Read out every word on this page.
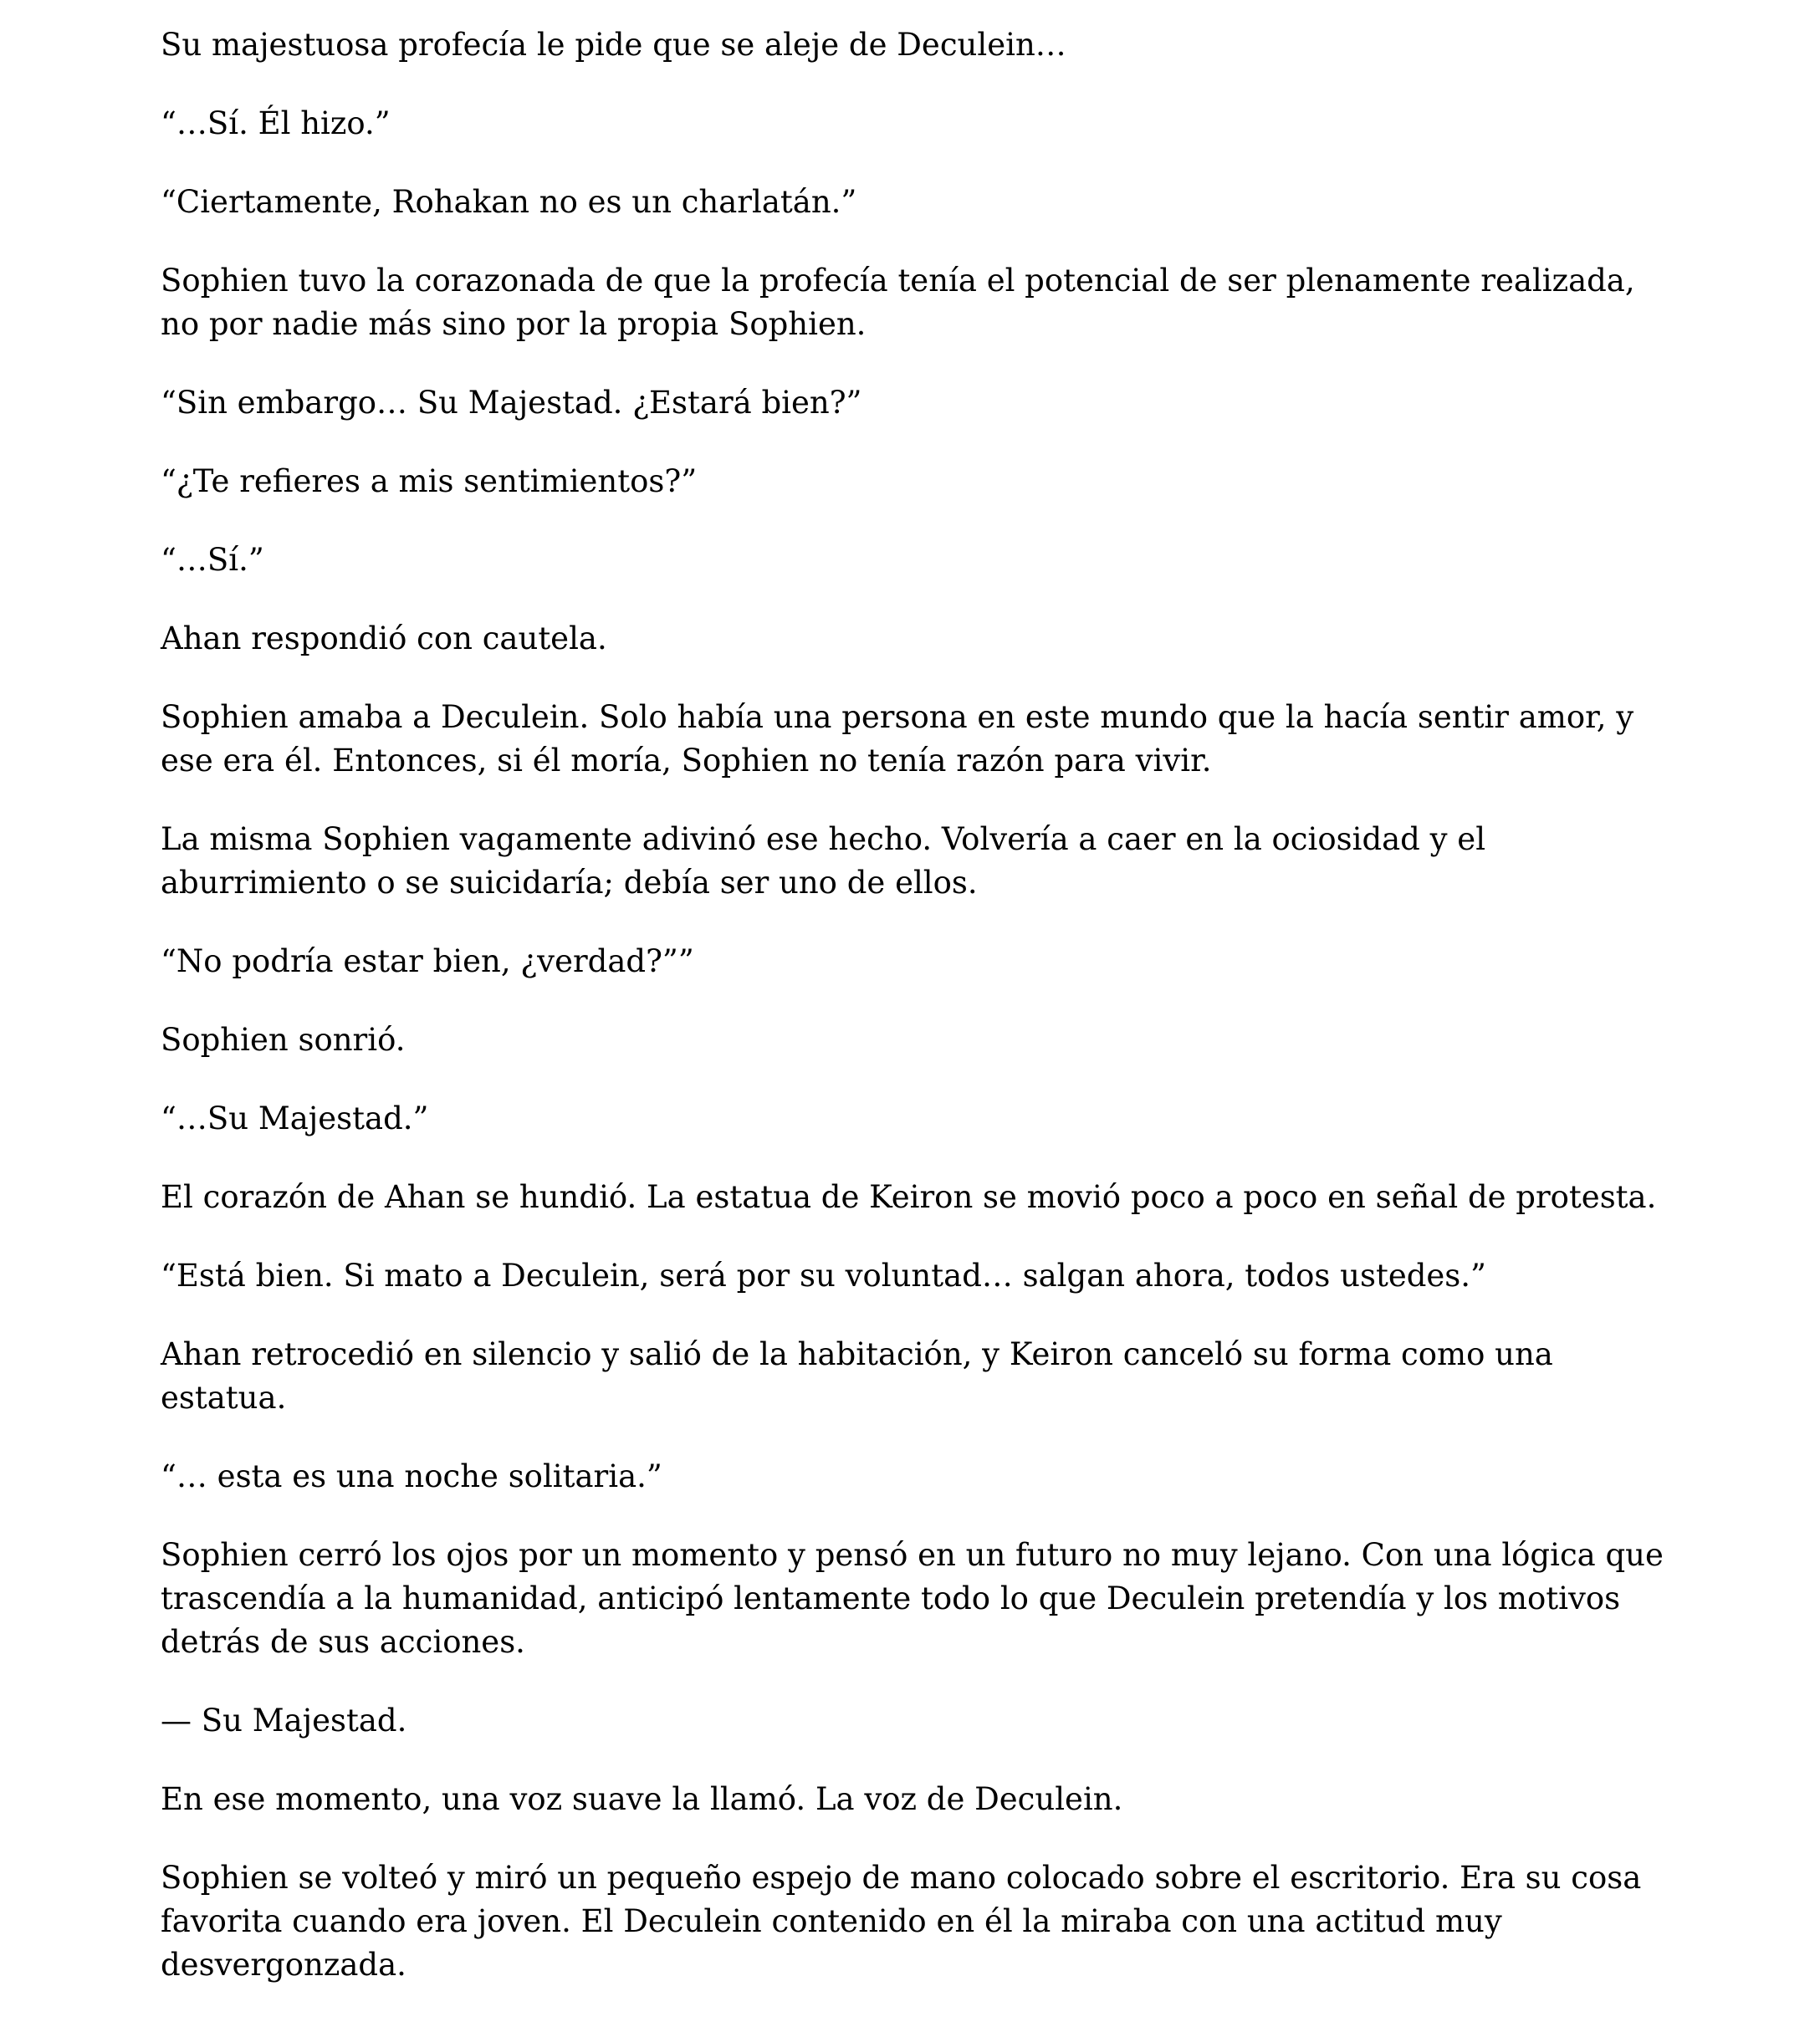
Su majestuosa profecía le pide que se aleje de Deculein…

“…Sí. Él hizo.”

“Ciertamente, Rohakan no es un charlatán.”

Sophien tuvo la corazonada de que la profecía tenía el potencial de ser plenamente realizada, no por nadie más sino por la propia Sophien.

“Sin embargo… Su Majestad. ¿Estará bien?”

“¿Te refieres a mis sentimientos?”

“…Sí.”

Ahan respondió con cautela.

Sophien amaba a Deculein. Solo había una persona en este mundo que la hacía sentir amor, y ese era él. Entonces, si él moría, Sophien no tenía razón para vivir.

La misma Sophien vagamente adivinó ese hecho. Volvería a caer en la ociosidad y el aburrimiento o se suicidaría; debía ser uno de ellos.

“No podría estar bien, ¿verdad?””

Sophien sonrió.

“…Su Majestad.”

El corazón de Ahan se hundió. La estatua de Keiron se movió poco a poco en señal de protesta.

“Está bien. Si mato a Deculein, será por su voluntad… salgan ahora, todos ustedes.”

Ahan retrocedió en silencio y salió de la habitación, y Keiron canceló su forma como una estatua.

“… esta es una noche solitaria.”

Sophien cerró los ojos por un momento y pensó en un futuro no muy lejano. Con una lógica que trascendía a la humanidad, anticipó lentamente todo lo que Deculein pretendía y los motivos detrás de sus acciones.

— Su Majestad.

En ese momento, una voz suave la llamó. La voz de Deculein.

Sophien se volteó y miró un pequeño espejo de mano colocado sobre el escritorio. Era su cosa favorita cuando era joven. El Deculein contenido en él la miraba con una actitud muy desvergonzada.
